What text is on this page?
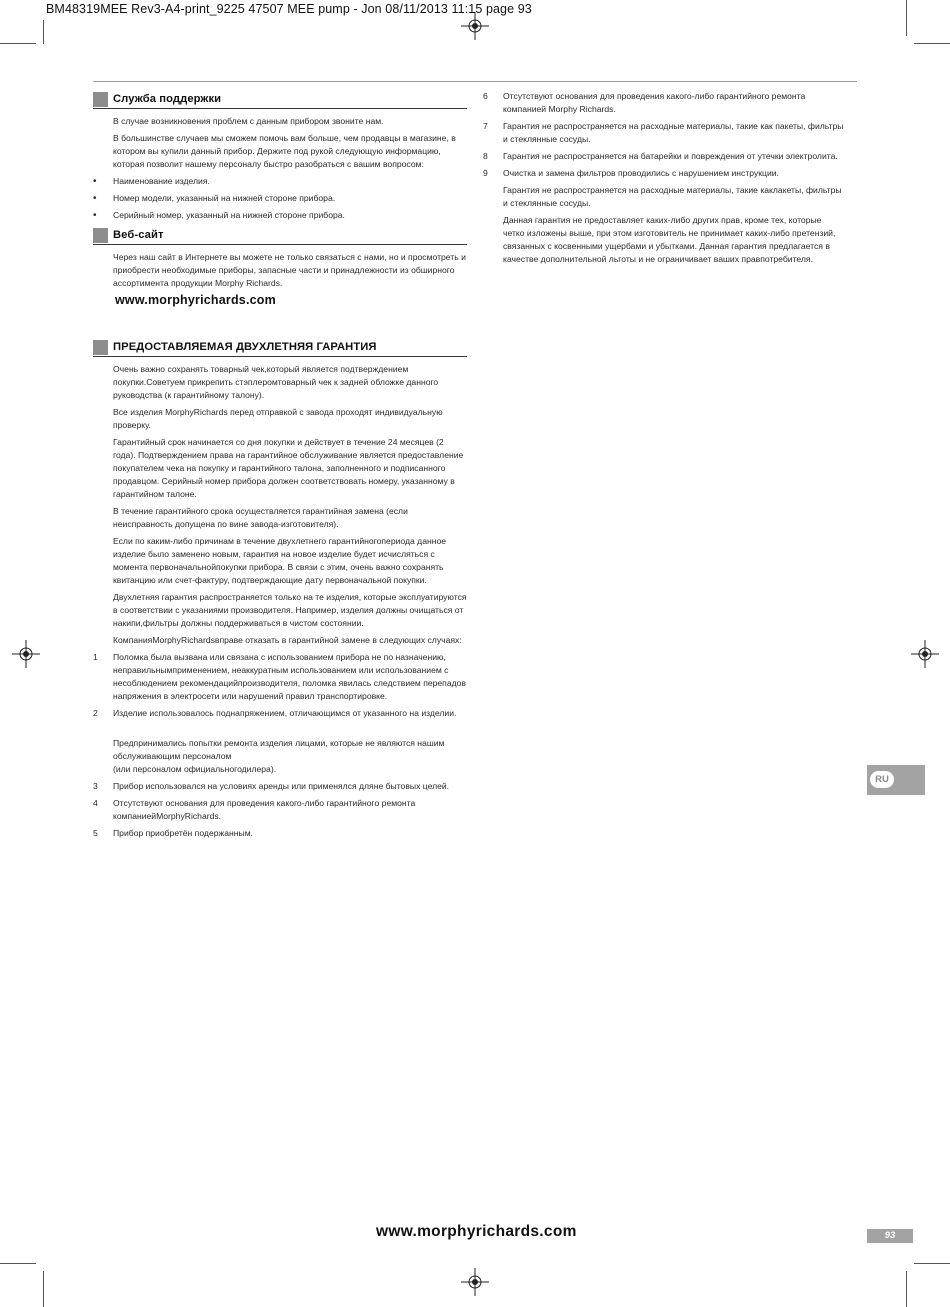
BM48319MEE Rev3-A4-print_9225 47507 MEE pump - Jon 08/11/2013 11:15 page 93
Служба поддержки
В случае возникновения проблем с данным прибором звоните нам.
В большинстве случаев мы сможем помочь вам больше, чем продавцы в магазине, в котором вы купили данный прибор. Держите под рукой следующую информацию, которая позволит нашему персоналу быстро разобраться с вашим вопросом:
• Наименование изделия.
• Номер модели, указанный на нижней стороне прибора.
• Серийный номер, указанный на нижней стороне прибора.
Веб-сайт
Через наш сайт в Интернете вы можете не только связаться с нами, но и просмотреть и приобрести необходимые приборы, запасные части и принадлежности из обширного ассортимента продукции Morphy Richards.
www.morphyrichards.com
ПРЕДОСТАВЛЯЕМАЯ ДВУХЛЕТНЯЯ ГАРАНТИЯ
Очень важно сохранять товарный чек,который является подтверждением покупки.Советуем прикрепить стэплеромтоварный чек к задней обложке данного руководства (к гарантийному талону).
Все изделия MorphyRichards перед отправкой с завода проходят индивидуальную проверку.
Гарантийный срок начинается со дня покупки и действует в течение 24 месяцев (2 года). Подтверждением права на гарантийное обслуживание является предоставление покупателем чека на покупку и гарантийного талона, заполненного и подписанного продавцом. Серийный номер прибора должен соответствовать номеру, указанному в гарантийном талоне.
В течение гарантийного срока осуществляется гарантийная замена (если неисправность допущена по вине завода-изготовителя).
Если по каким-либо причинам в течение двухлетнего гарантийногопериода данное изделие было заменено новым, гарантия на новое изделие будет исчисляться с момента первоначальнойпокупки прибора. В связи с этим, очень важно сохранять квитанцию или счет-фактуру, подтверждающие дату первоначальной покупки.
Двухлетняя гарантия распространяется только на те изделия, которые эксплуатируются в соответствии с указаниями производителя. Например, изделия должны очищаться от накипи,фильтры должны поддерживаться в чистом состоянии.
КомпанияMorphyRichardsвправе отказать в гарантийной замене в следующих случаях:
1 Поломка была вызвана или связана с использованием прибора не по назначению, неправильнымприменением, неаккуратным использованием или использованием с несоблюдением рекомендацийпроизводителя, поломка явилась следствием перепадов напряжения в электросети или нарушений правил транспортировке.
2 Изделие использовалось поднапряжением, отличающимся от указанного на изделии.

Предпринимались попытки ремонта изделия лицами, которые не являются нашим обслуживающим персоналом
(или персоналом официальногодилера).

3 Прибор использовался на условиях аренды или применялся дляне бытовых целей.
4 Отсутствуют основания для проведения какого-либо гарантийного ремонта компаниейMorphyRichards.
5 Прибор приобретён подержанным.
6 Отсутствуют основания для проведения какого-либо гарантийного ремонта компанией Morphy Richards.
7 Гарантия не распространяется на расходные материалы, такие как пакеты, фильтры и стеклянные сосуды.
8 Гарантия не распространяется на батарейки и повреждения от утечки электролита.
9 Очистка и замена фильтров проводились с нарушением инструкции.
Гарантия не распространяется на расходные материалы, такие каклакеты, фильтры и стеклянные сосуды.
Данная гарантия не предоставляет каких-либо других прав, кроме тех, которые четко изложены выше, при этом изготовитель не принимает каких-либо претензий, связанных с косвенными ущербами и убытками. Данная гарантия предлагается в качестве дополнительной льготы и не ограничивает ваших правпотребителя.
RU
www.morphyrichards.com	93
